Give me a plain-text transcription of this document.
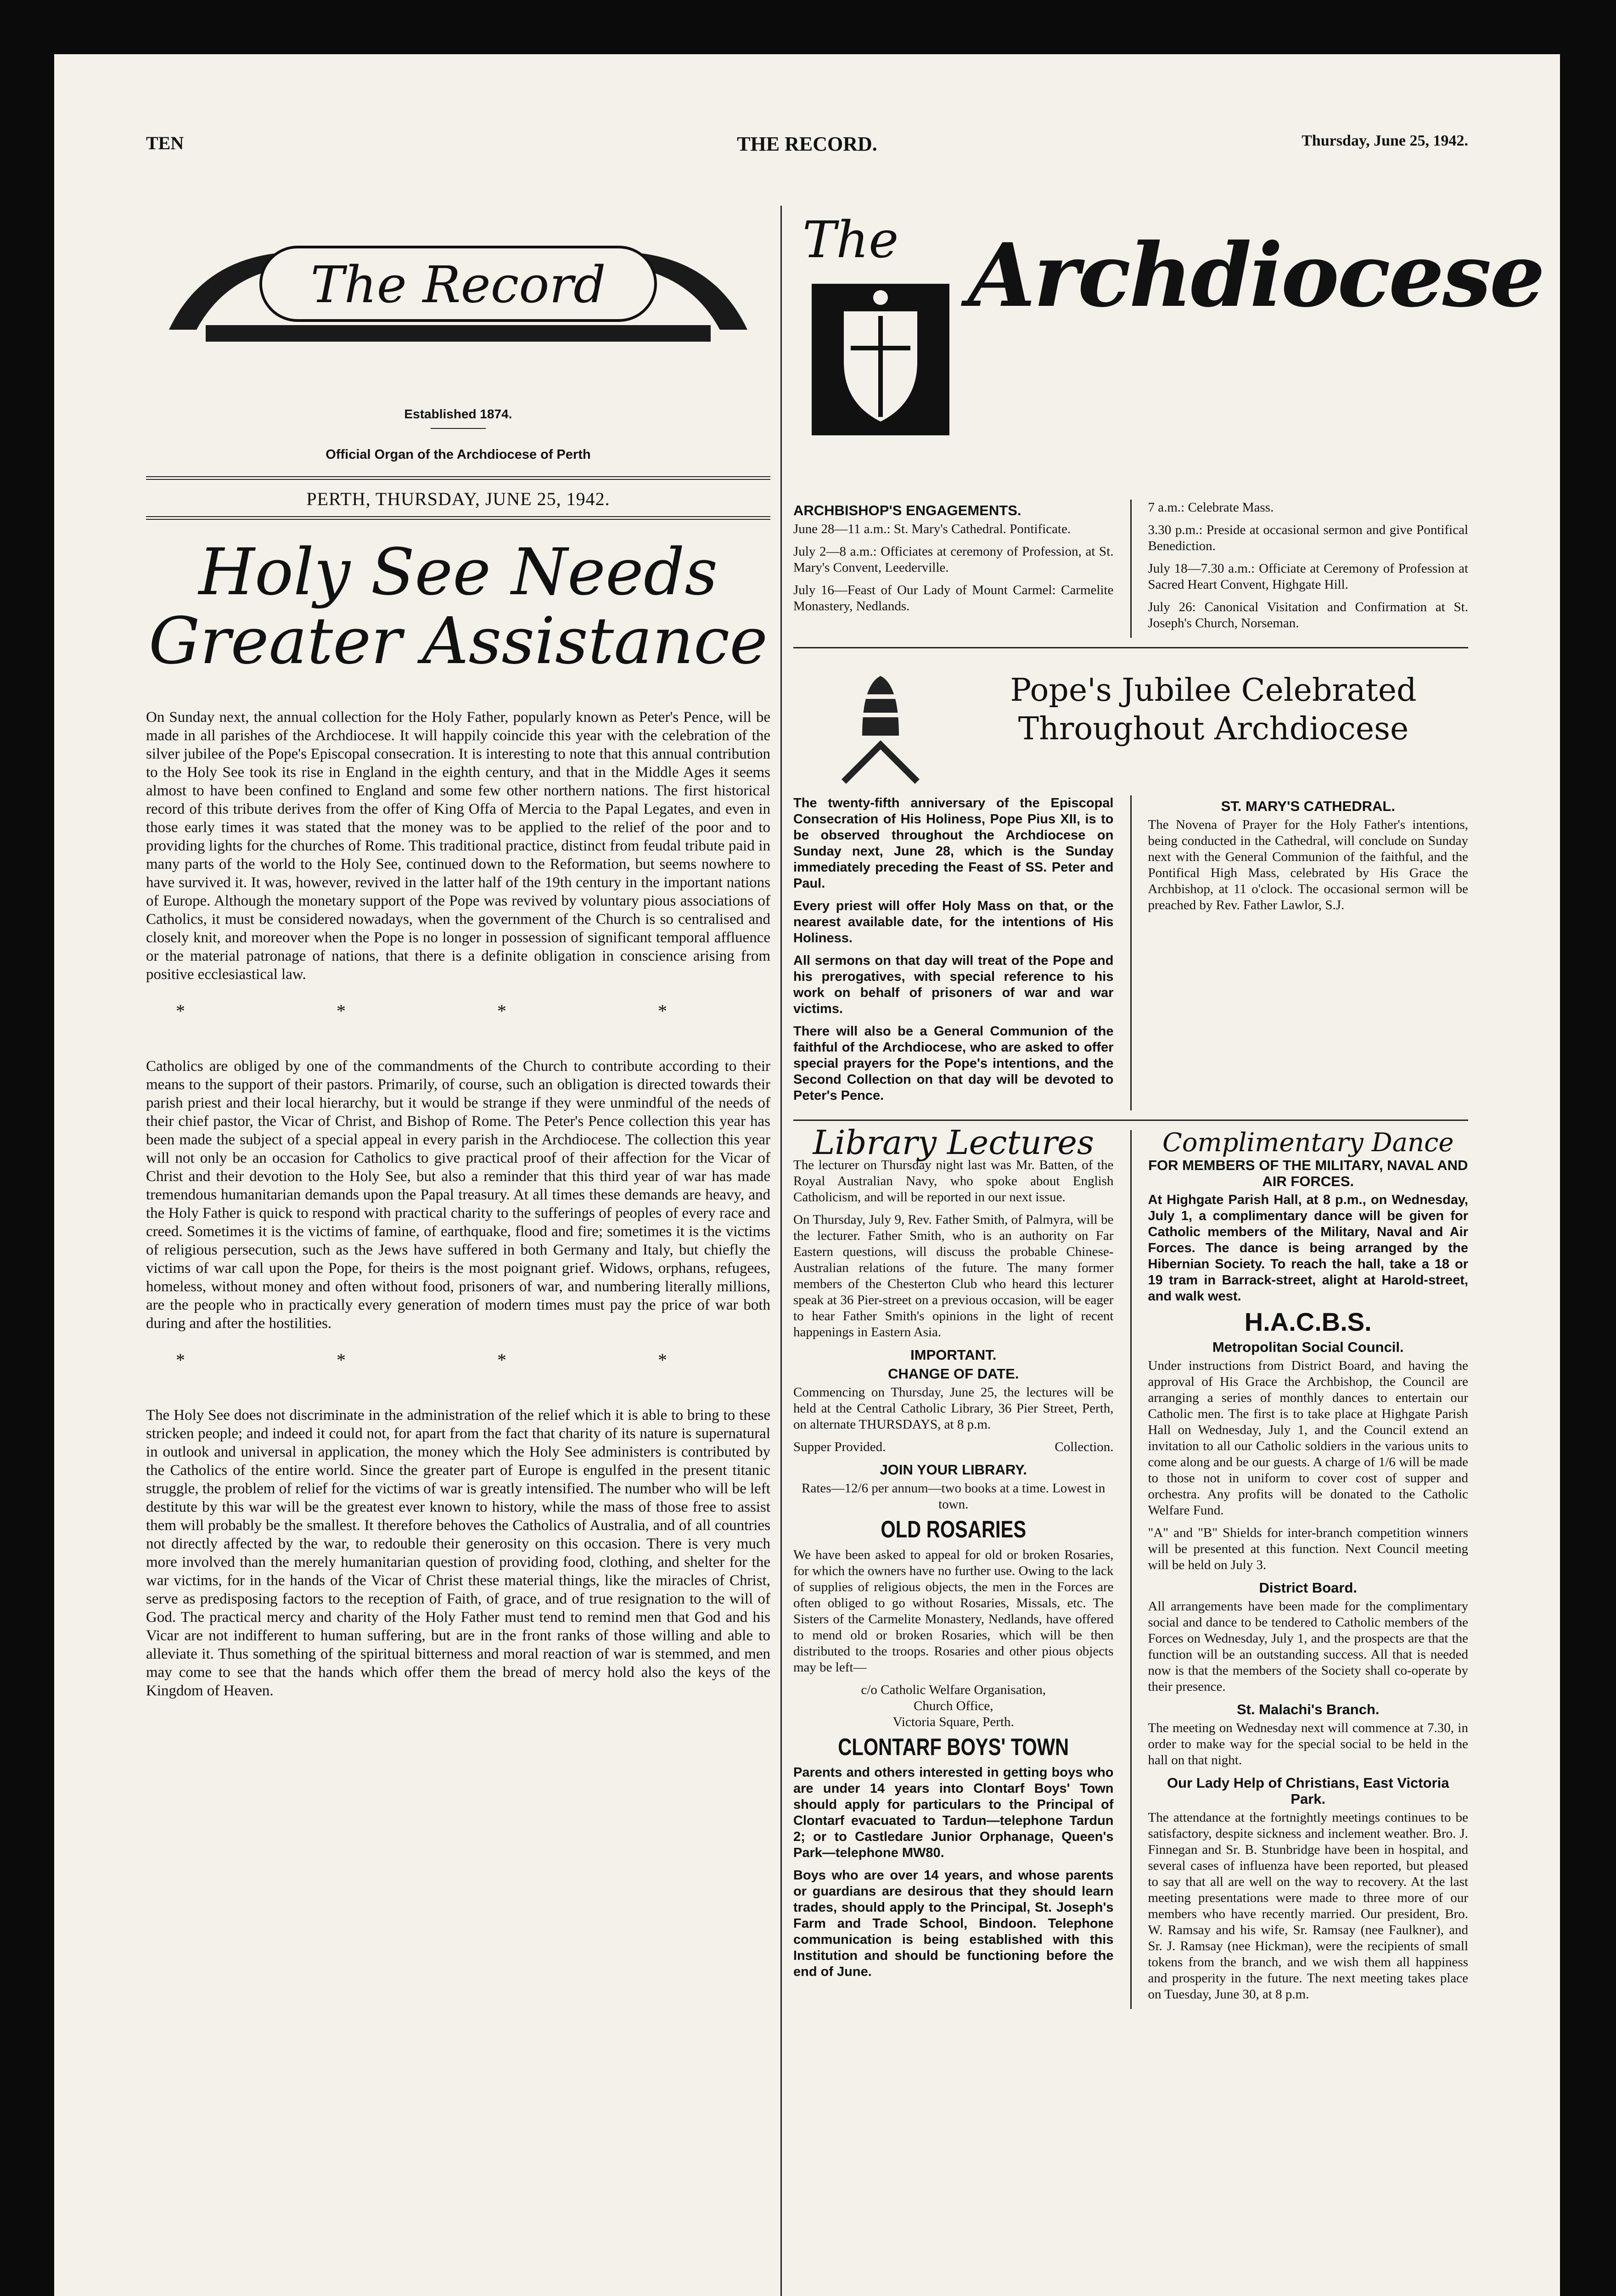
TEN	THE RECORD.	Thursday, June 25, 1942.
The Record
Established 1874.
Official Organ of the Archdiocese of Perth
PERTH, THURSDAY, JUNE 25, 1942.
Holy See Needs
Greater Assistance

On Sunday next, the annual collection for the Holy Father, popularly known as Peter's Pence, will be made in all parishes of the Archdiocese. It will happily coincide this year with the celebration of the silver jubilee of the Pope's Episcopal consecration. It is interesting to note that this annual contribution to the Holy See took its rise in England in the eighth century, and that in the Middle Ages it seems almost to have been confined to England and some few other northern nations. The first historical record of this tribute derives from the offer of King Offa of Mercia to the Papal Legates, and even in those early times it was stated that the money was to be applied to the relief of the poor and to providing lights for the churches of Rome. This traditional practice, distinct from feudal tribute paid in many parts of the world to the Holy See, continued down to the Reformation, but seems nowhere to have survived it. It was, however, revived in the latter half of the 19th century in the important nations of Europe. Although the monetary support of the Pope was revived by voluntary pious associations of Catholics, it must be considered nowadays, when the government of the Church is so centralised and closely knit, and moreover when the Pope is no longer in possession of significant temporal affluence or the material patronage of nations, that there is a definite obligation in conscience arising from positive ecclesiastical law.

* * * *

Catholics are obliged by one of the commandments of the Church to contribute according to their means to the support of their pastors. Primarily, of course, such an obligation is directed towards their parish priest and their local hierarchy, but it would be strange if they were unmindful of the needs of their chief pastor, the Vicar of Christ, and Bishop of Rome. The Peter's Pence collection this year has been made the subject of a special appeal in every parish in the Archdiocese. The collection this year will not only be an occasion for Catholics to give practical proof of their affection for the Vicar of Christ and their devotion to the Holy See, but also a reminder that this third year of war has made tremendous humanitarian demands upon the Papal treasury. At all times these demands are heavy, and the Holy Father is quick to respond with practical charity to the sufferings of peoples of every race and creed. Sometimes it is the victims of famine, of earthquake, flood and fire; sometimes it is the victims of religious persecution, such as the Jews have suffered in both Germany and Italy, but chiefly the victims of war call upon the Pope, for theirs is the most poignant grief. Widows, orphans, refugees, homeless, without money and often without food, prisoners of war, and numbering literally millions, are the people who in practically every generation of modern times must pay the price of war both during and after the hostilities.

* * * *

The Holy See does not discriminate in the administration of the relief which it is able to bring to these stricken people; and indeed it could not, for apart from the fact that charity of its nature is supernatural in outlook and universal in application, the money which the Holy See administers is contributed by the Catholics of the entire world. Since the greater part of Europe is engulfed in the present titanic struggle, the problem of relief for the victims of war is greatly intensified. The number who will be left destitute by this war will be the greatest ever known to history, while the mass of those free to assist them will probably be the smallest. It therefore behoves the Catholics of Australia, and of all countries not directly affected by the war, to redouble their generosity on this occasion. There is very much more involved than the merely humanitarian question of providing food, clothing, and shelter for the war victims, for in the hands of the Vicar of Christ these material things, like the miracles of Christ, serve as predisposing factors to the reception of Faith, of grace, and of true resignation to the will of God. The practical mercy and charity of the Holy Father must tend to remind men that God and his Vicar are not indifferent to human suffering, but are in the front ranks of those willing and able to alleviate it. Thus something of the spiritual bitterness and moral reaction of war is stemmed, and men may come to see that the hands which offer them the bread of mercy hold also the keys of the Kingdom of Heaven.

The Archdiocese
ARCHBISHOP'S ENGAGEMENTS.

June 28—11 a.m.: St. Mary's Cathedral. Pontificate.

July 2—8 a.m.: Officiates at ceremony of Profession, at St. Mary's Convent, Leederville.

July 16—Feast of Our Lady of Mount Carmel: Carmelite Monastery, Nedlands.

7 a.m.: Celebrate Mass.

3.30 p.m.: Preside at occasional sermon and give Pontifical Benediction.

July 18—7.30 a.m.: Officiate at Ceremony of Profession at Sacred Heart Convent, Highgate Hill.

July 26: Canonical Visitation and Confirmation at St. Joseph's Church, Norseman.

Pope's Jubilee Celebrated
Throughout Archdiocese

The twenty-fifth anniversary of the Episcopal Consecration of His Holiness, Pope Pius XII, is to be observed throughout the Archdiocese on Sunday next, June 28, which is the Sunday immediately preceding the Feast of SS. Peter and Paul.

Every priest will offer Holy Mass on that, or the nearest available date, for the intentions of His Holiness.

All sermons on that day will treat of the Pope and his prerogatives, with special reference to his work on behalf of prisoners of war and war victims.

There will also be a General Communion of the faithful of the Archdiocese, who are asked to offer special prayers for the Pope's intentions, and the Second Collection on that day will be devoted to Peter's Pence.

ST. MARY'S CATHEDRAL.

The Novena of Prayer for the Holy Father's intentions, being conducted in the Cathedral, will conclude on Sunday next with the General Communion of the faithful, and the Pontifical High Mass, celebrated by His Grace the Archbishop, at 11 o'clock. The occasional sermon will be preached by Rev. Father Lawlor, S.J.

Library Lectures

The lecturer on Thursday night last was Mr. Batten, of the Royal Australian Navy, who spoke about English Catholicism, and will be reported in our next issue.

On Thursday, July 9, Rev. Father Smith, of Palmyra, will be the lecturer. Father Smith, who is an authority on Far Eastern questions, will discuss the probable Chinese-Australian relations of the future. The many former members of the Chesterton Club who heard this lecturer speak at 36 Pier-street on a previous occasion, will be eager to hear Father Smith's opinions in the light of recent happenings in Eastern Asia.

IMPORTANT.
CHANGE OF DATE.

Commencing on Thursday, June 25, the lectures will be held at the Central Catholic Library, 36 Pier Street, Perth, on alternate THURSDAYS, at 8 p.m.

Supper Provided.	Collection.

JOIN YOUR LIBRARY.

Rates—12/6 per annum—two books at a time. Lowest in town.

OLD ROSARIES

We have been asked to appeal for old or broken Rosaries, for which the owners have no further use. Owing to the lack of supplies of religious objects, the men in the Forces are often obliged to go without Rosaries, Missals, etc. The Sisters of the Carmelite Monastery, Nedlands, have offered to mend old or broken Rosaries, which will be then distributed to the troops. Rosaries and other pious objects may be left—

c/o Catholic Welfare Organisation,

Church Office,

Victoria Square, Perth.

CLONTARF BOYS' TOWN

Parents and others interested in getting boys who are under 14 years into Clontarf Boys' Town should apply for particulars to the Principal of Clontarf evacuated to Tardun—telephone Tardun 2; or to Castledare Junior Orphanage, Queen's Park—telephone MW80.

Boys who are over 14 years, and whose parents or guardians are desirous that they should learn trades, should apply to the Principal, St. Joseph's Farm and Trade School, Bindoon. Telephone communication is being established with this Institution and should be functioning before the end of June.

Complimentary Dance
FOR MEMBERS OF THE MILITARY, NAVAL AND AIR FORCES.

At Highgate Parish Hall, at 8 p.m., on Wednesday, July 1, a complimentary dance will be given for Catholic members of the Military, Naval and Air Forces. The dance is being arranged by the Hibernian Society. To reach the hall, take a 18 or 19 tram in Barrack-street, alight at Harold-street, and walk west.

H.A.C.B.S.
Metropolitan Social Council.

Under instructions from District Board, and having the approval of His Grace the Archbishop, the Council are arranging a series of monthly dances to entertain our Catholic men. The first is to take place at Highgate Parish Hall on Wednesday, July 1, and the Council extend an invitation to all our Catholic soldiers in the various units to come along and be our guests. A charge of 1/6 will be made to those not in uniform to cover cost of supper and orchestra. Any profits will be donated to the Catholic Welfare Fund.

"A" and "B" Shields for inter-branch competition winners will be presented at this function. Next Council meeting will be held on July 3.

District Board.

All arrangements have been made for the complimentary social and dance to be tendered to Catholic members of the Forces on Wednesday, July 1, and the prospects are that the function will be an outstanding success. All that is needed now is that the members of the Society shall co-operate by their presence.

St. Malachi's Branch.

The meeting on Wednesday next will commence at 7.30, in order to make way for the special social to be held in the hall on that night.

Our Lady Help of Christians, East Victoria Park.

The attendance at the fortnightly meetings continues to be satisfactory, despite sickness and inclement weather. Bro. J. Finnegan and Sr. B. Stunbridge have been in hospital, and several cases of influenza have been reported, but pleased to say that all are well on the way to recovery. At the last meeting presentations were made to three more of our members who have recently married. Our president, Bro. W. Ramsay and his wife, Sr. Ramsay (nee Faulkner), and Sr. J. Ramsay (nee Hickman), were the recipients of small tokens from the branch, and we wish them all happiness and prosperity in the future. The next meeting takes place on Tuesday, June 30, at 8 p.m.
